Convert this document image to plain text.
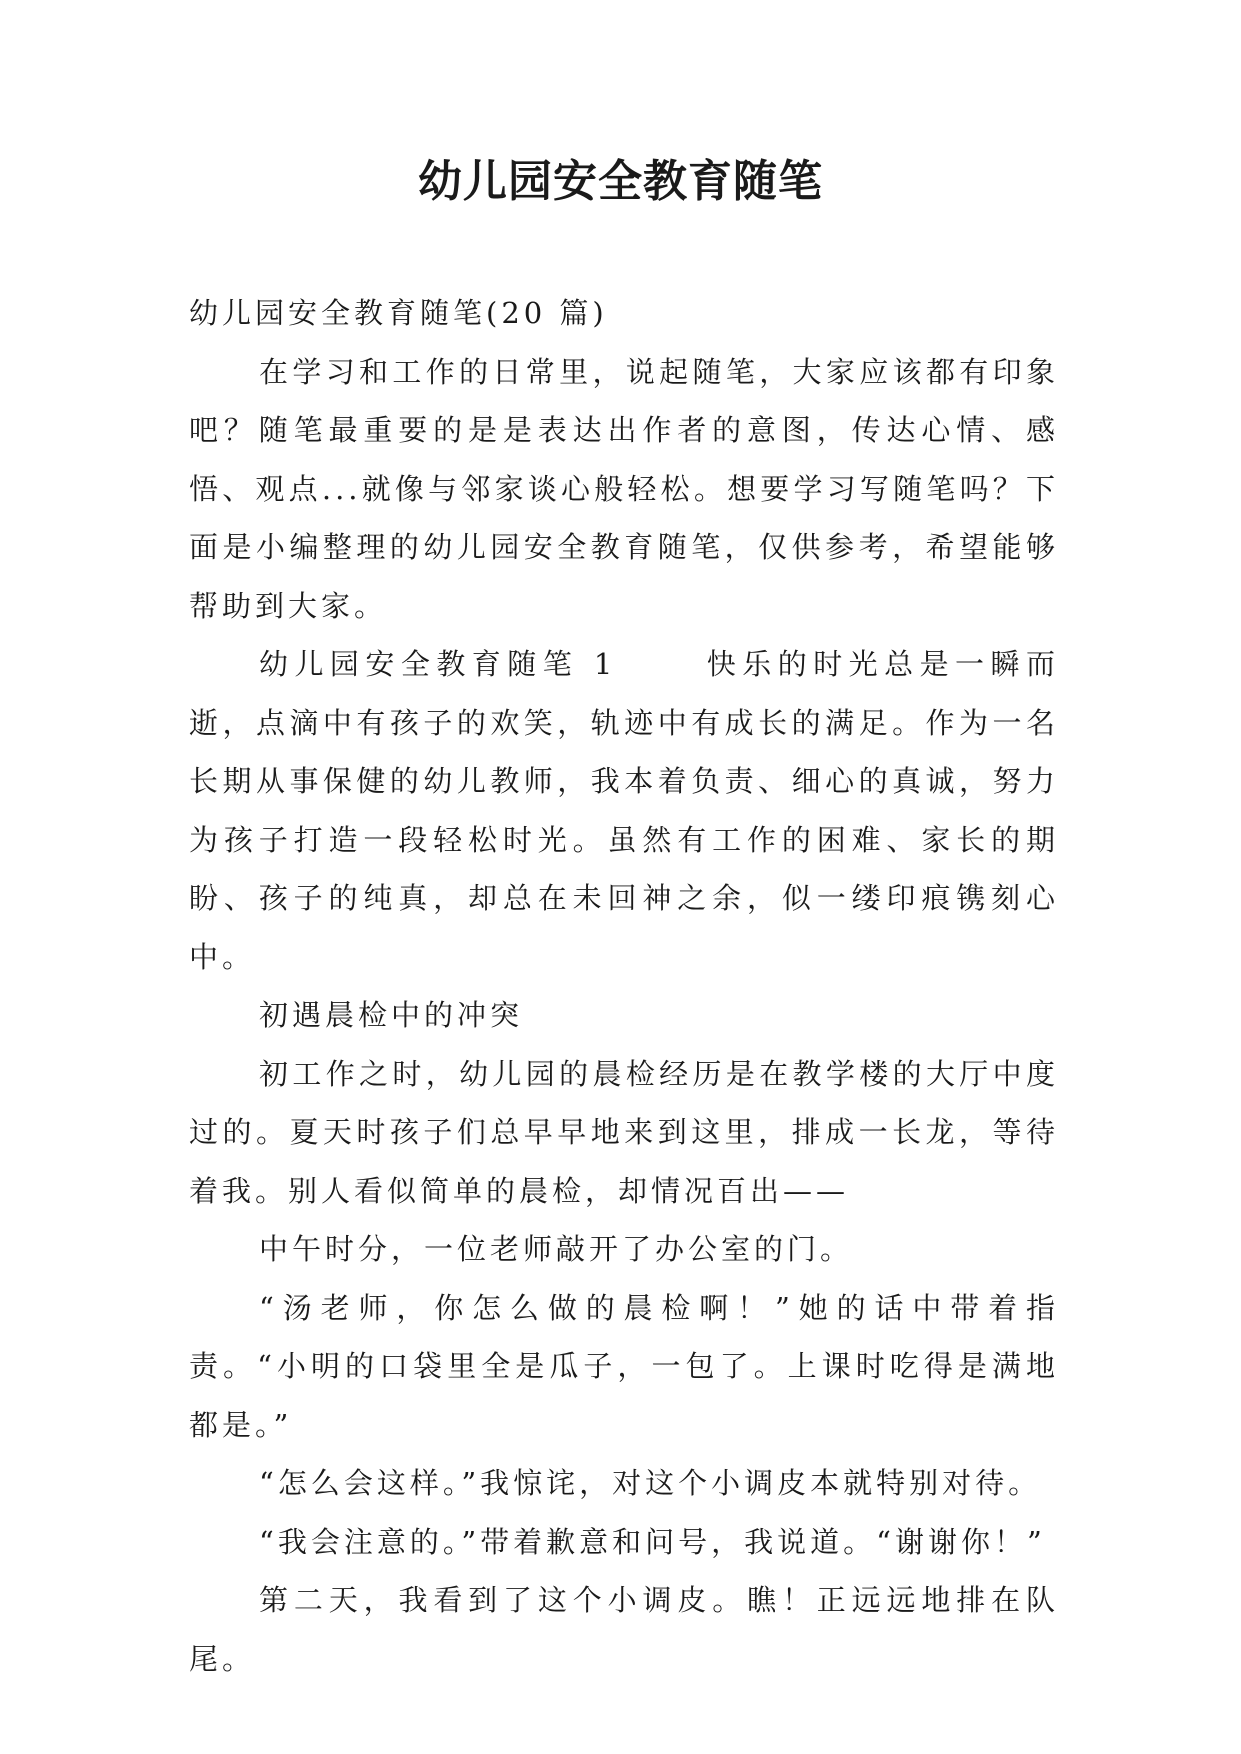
幼儿园安全教育随笔

幼儿园安全教育随笔(20 篇)

在学习和工作的日常里，说起随笔，大家应该都有印象吧？随笔最重要的是是表达出作者的意图，传达心情、感悟、观点...就像与邻家谈心般轻松。想要学习写随笔吗？下面是小编整理的幼儿园安全教育随笔，仅供参考，希望能够帮助到大家。

幼儿园安全教育随笔 1	快乐的时光总是一瞬而逝，点滴中有孩子的欢笑，轨迹中有成长的满足。作为一名长期从事保健的幼儿教师，我本着负责、细心的真诚，努力为孩子打造一段轻松时光。虽然有工作的困难、家长的期盼、孩子的纯真，却总在未回神之余，似一缕印痕镌刻心中。

初遇晨检中的冲突

初工作之时，幼儿园的晨检经历是在教学楼的大厅中度过的。夏天时孩子们总早早地来到这里，排成一长龙，等待着我。别人看似简单的晨检，却情况百出——

中午时分，一位老师敲开了办公室的门。

“汤老师，你怎么做的晨检啊！”她的话中带着指责。“小明的口袋里全是瓜子，一包了。上课时吃得是满地都是。”

“怎么会这样。”我惊诧，对这个小调皮本就特别对待。

“我会注意的。”带着歉意和问号，我说道。“谢谢你！”

第二天，我看到了这个小调皮。瞧！正远远地排在队尾。
